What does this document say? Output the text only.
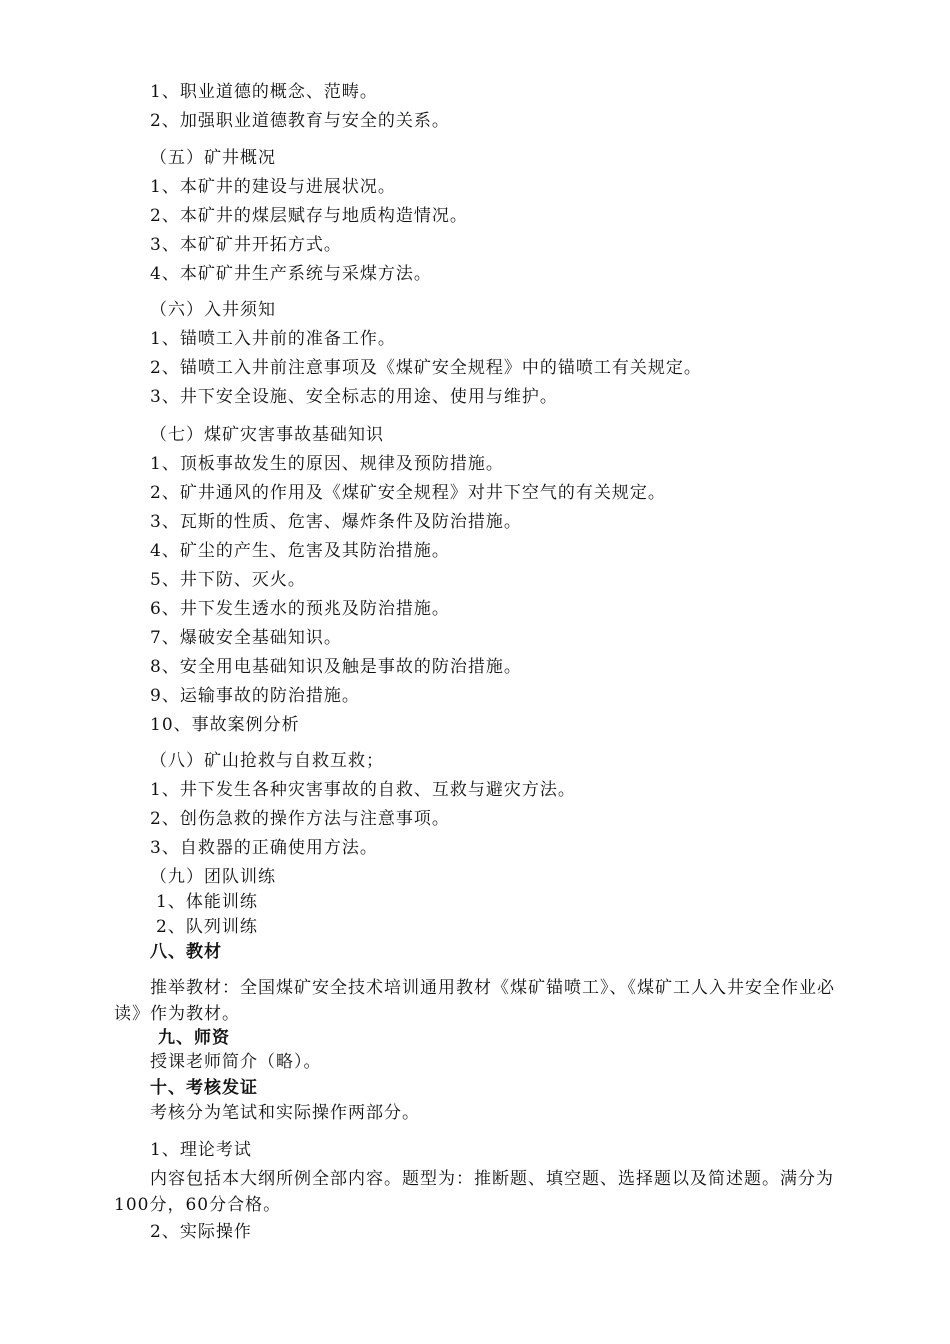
1、职业道德的概念、范畴。
2、加强职业道德教育与安全的关系。
（五）矿井概况
1、本矿井的建设与进展状况。
2、本矿井的煤层赋存与地质构造情况。
3、本矿矿井开拓方式。
4、本矿矿井生产系统与采煤方法。
（六）入井须知
1、锚喷工入井前的准备工作。
2、锚喷工入井前注意事项及《煤矿安全规程》中的锚喷工有关规定。
3、井下安全设施、安全标志的用途、使用与维护。
（七）煤矿灾害事故基础知识
1、顶板事故发生的原因、规律及预防措施。
2、矿井通风的作用及《煤矿安全规程》对井下空气的有关规定。
3、瓦斯的性质、危害、爆炸条件及防治措施。
4、矿尘的产生、危害及其防治措施。
5、井下防、灭火。
6、井下发生透水的预兆及防治措施。
7、爆破安全基础知识。
8、安全用电基础知识及触是事故的防治措施。
9、运输事故的防治措施。
10、事故案例分析
（八）矿山抢救与自救互救；
1、井下发生各种灾害事故的自救、互救与避灾方法。
2、创伤急救的操作方法与注意事项。
3、自救器的正确使用方法。
（九）团队训练
1、体能训练
2、队列训练
八、教材
推举教材：全国煤矿安全技术培训通用教材《煤矿锚喷工》、《煤矿工人入井安全作业必读》作为教材。
九、师资
授课老师简介（略）。
十、考核发证
考核分为笔试和实际操作两部分。
1、理论考试
内容包括本大纲所例全部内容。题型为：推断题、填空题、选择题以及简述题。满分为100分，60分合格。
2、实际操作
